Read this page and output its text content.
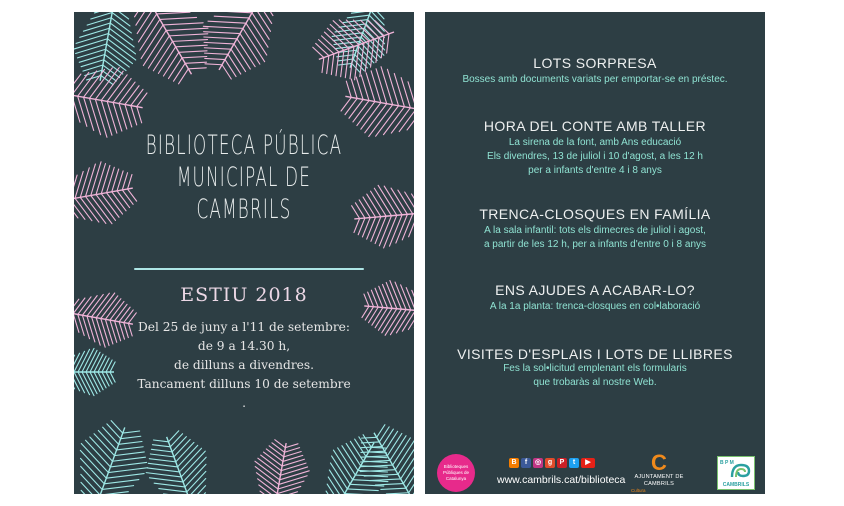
BIBLIOTECA PÚBLICA
MUNICIPAL DE
CAMBRILS
ESTIU 2018
Del 25 de juny a l'11 de setembre:
de 9 a 14.30 h,
de dilluns a divendres.
Tancament dilluns 10 de setembre
.
LOTS SORPRESA

Bosses amb documents variats per emportar-se en préstec.

HORA DEL CONTE AMB TALLER

La sirena de la font, amb Ans educació

Els divendres, 13 de juliol i 10 d'agost, a les 12 h

per a infants d'entre 4 i 8 anys

TRENCA-CLOSQUES EN FAMÍLIA

A la sala infantil: tots els dimecres de juliol i agost,

a partir de les 12 h, per a infants d'entre 0 i 8 anys

ENS AJUDES A ACABAR-LO?

A la 1a planta: trenca-closques en col•laboració

VISITES D'ESPLAIS I LOTS DE LLIBRES

Fes la sol•licitud emplenant els formularis

que trobaràs al nostre Web.

Biblioteques Públiques de Catalunya
B	f	◎ g	P	t	▶
www.cambrils.cat/biblioteca
C
AJUNTAMENT DE CAMBRILS
Cultura
B P M
CAMBRILS
